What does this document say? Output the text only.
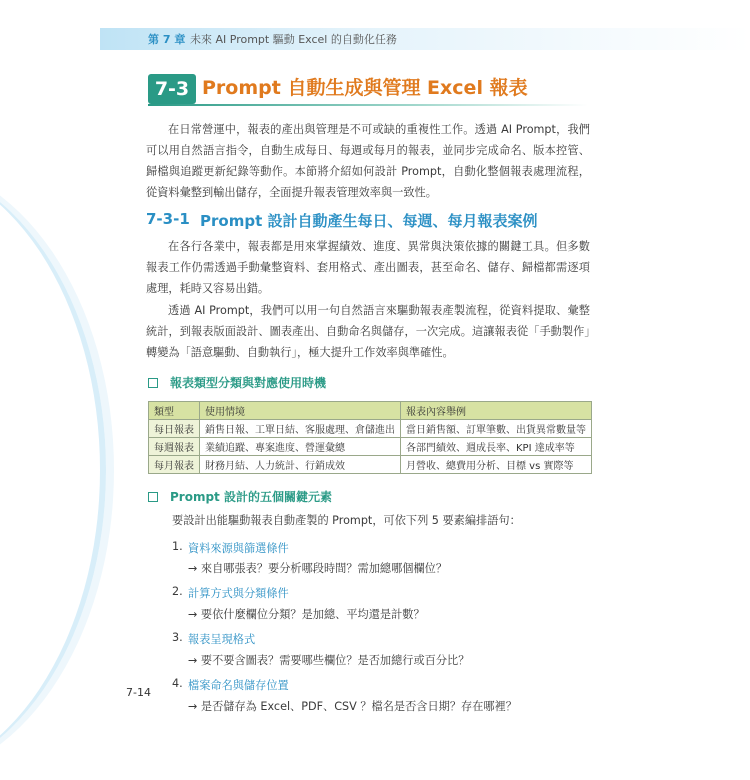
第 7 章 未來 AI Prompt 驅動 Excel 的自動化任務
7-3 Prompt 自動生成與管理 Excel 報表
在日常營運中，報表的產出與管理是不可或缺的重複性工作。透過 AI Prompt，我們可以用自然語言指令，自動生成每日、每週或每月的報表，並同步完成命名、版本控管、歸檔與追蹤更新紀錄等動作。本節將介紹如何設計 Prompt，自動化整個報表處理流程，從資料彙整到輸出儲存，全面提升報表管理效率與一致性。
7-3-1 Prompt 設計自動產生每日、每週、每月報表案例
在各行各業中，報表都是用來掌握績效、進度、異常與決策依據的關鍵工具。但多數報表工作仍需透過手動彙整資料、套用格式、產出圖表，甚至命名、儲存、歸檔都需逐項處理，耗時又容易出錯。
透過 AI Prompt，我們可以用一句自然語言來驅動報表產製流程，從資料提取、彙整統計，到報表版面設計、圖表產出、自動命名與儲存，一次完成。這讓報表從「手動製作」轉變為「語意驅動、自動執行」，極大提升工作效率與準確性。
報表類型分類與對應使用時機
類型	使用情境	報表內容舉例
每日報表	銷售日報、工單日結、客服處理、倉儲進出	當日銷售額、訂單筆數、出貨異常數量等
每週報表	業績追蹤、專案進度、營運彙總	各部門績效、週成長率、KPI 達成率等
每月報表	財務月結、人力統計、行銷成效	月營收、總費用分析、目標 vs 實際等
Prompt 設計的五個關鍵元素
要設計出能驅動報表自動產製的 Prompt，可依下列 5 要素編排語句：
1. 資料來源與篩選條件
→ 來自哪張表？要分析哪段時間？需加總哪個欄位？
2. 計算方式與分類條件
→ 要依什麼欄位分類？是加總、平均還是計數？
3. 報表呈現格式
→ 要不要含圖表？需要哪些欄位？是否加總行或百分比？
4. 檔案命名與儲存位置
→ 是否儲存為 Excel、PDF、CSV ？檔名是否含日期？存在哪裡？
7-14
